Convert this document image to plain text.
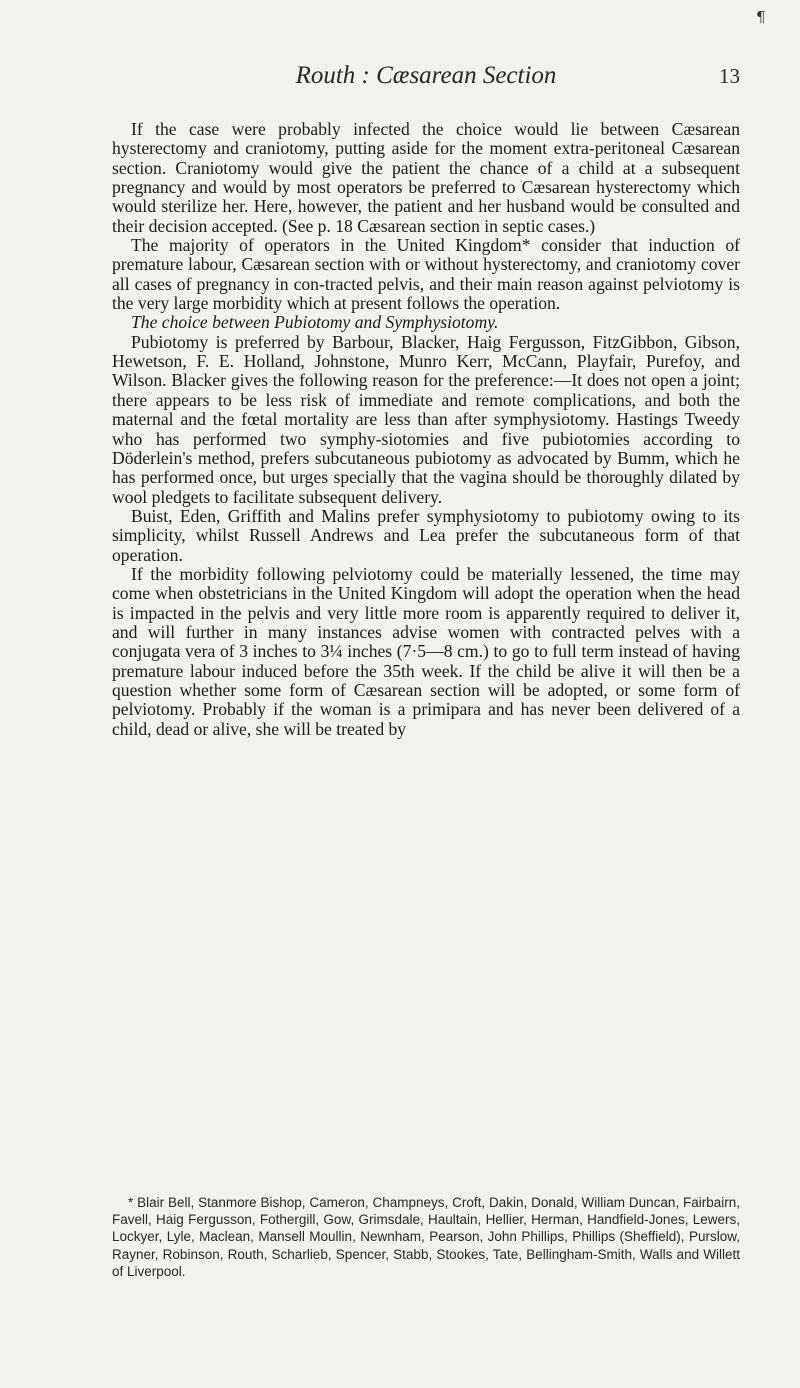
¶
Routh : Cæsarean Section	13

If the case were probably infected the choice would lie between Cæsarean hysterectomy and craniotomy, putting aside for the moment extra-peritoneal Cæsarean section. Craniotomy would give the patient the chance of a child at a subsequent pregnancy and would by most operators be preferred to Cæsarean hysterectomy which would sterilize her. Here, however, the patient and her husband would be consulted and their decision accepted. (See p. 18 Cæsarean section in septic cases.)

The majority of operators in the United Kingdom* consider that induction of premature labour, Cæsarean section with or without hysterectomy, and craniotomy cover all cases of pregnancy in con-tracted pelvis, and their main reason against pelviotomy is the very large morbidity which at present follows the operation.

The choice between Pubiotomy and Symphysiotomy.

Pubiotomy is preferred by Barbour, Blacker, Haig Fergusson, FitzGibbon, Gibson, Hewetson, F. E. Holland, Johnstone, Munro Kerr, McCann, Playfair, Purefoy, and Wilson. Blacker gives the following reason for the preference:—It does not open a joint; there appears to be less risk of immediate and remote complications, and both the maternal and the fœtal mortality are less than after symphysiotomy. Hastings Tweedy who has performed two symphy-siotomies and five pubiotomies according to Döderlein's method, prefers subcutaneous pubiotomy as advocated by Bumm, which he has performed once, but urges specially that the vagina should be thoroughly dilated by wool pledgets to facilitate subsequent delivery.

Buist, Eden, Griffith and Malins prefer symphysiotomy to pubiotomy owing to its simplicity, whilst Russell Andrews and Lea prefer the subcutaneous form of that operation.

If the morbidity following pelviotomy could be materially lessened, the time may come when obstetricians in the United Kingdom will adopt the operation when the head is impacted in the pelvis and very little more room is apparently required to deliver it, and will further in many instances advise women with contracted pelves with a conjugata vera of 3 inches to 3¼ inches (7·5—8 cm.) to go to full term instead of having premature labour induced before the 35th week. If the child be alive it will then be a question whether some form of Cæsarean section will be adopted, or some form of pelviotomy. Probably if the woman is a primipara and has never been delivered of a child, dead or alive, she will be treated by

* Blair Bell, Stanmore Bishop, Cameron, Champneys, Croft, Dakin, Donald, William Duncan, Fairbairn, Favell, Haig Fergusson, Fothergill, Gow, Grimsdale, Haultain, Hellier, Herman, Handfield-Jones, Lewers, Lockyer, Lyle, Maclean, Mansell Moullin, Newnham, Pearson, John Phillips, Phillips (Sheffield), Purslow, Rayner, Robinson, Routh, Scharlieb, Spencer, Stabb, Stookes, Tate, Bellingham-Smith, Walls and Willett of Liverpool.
